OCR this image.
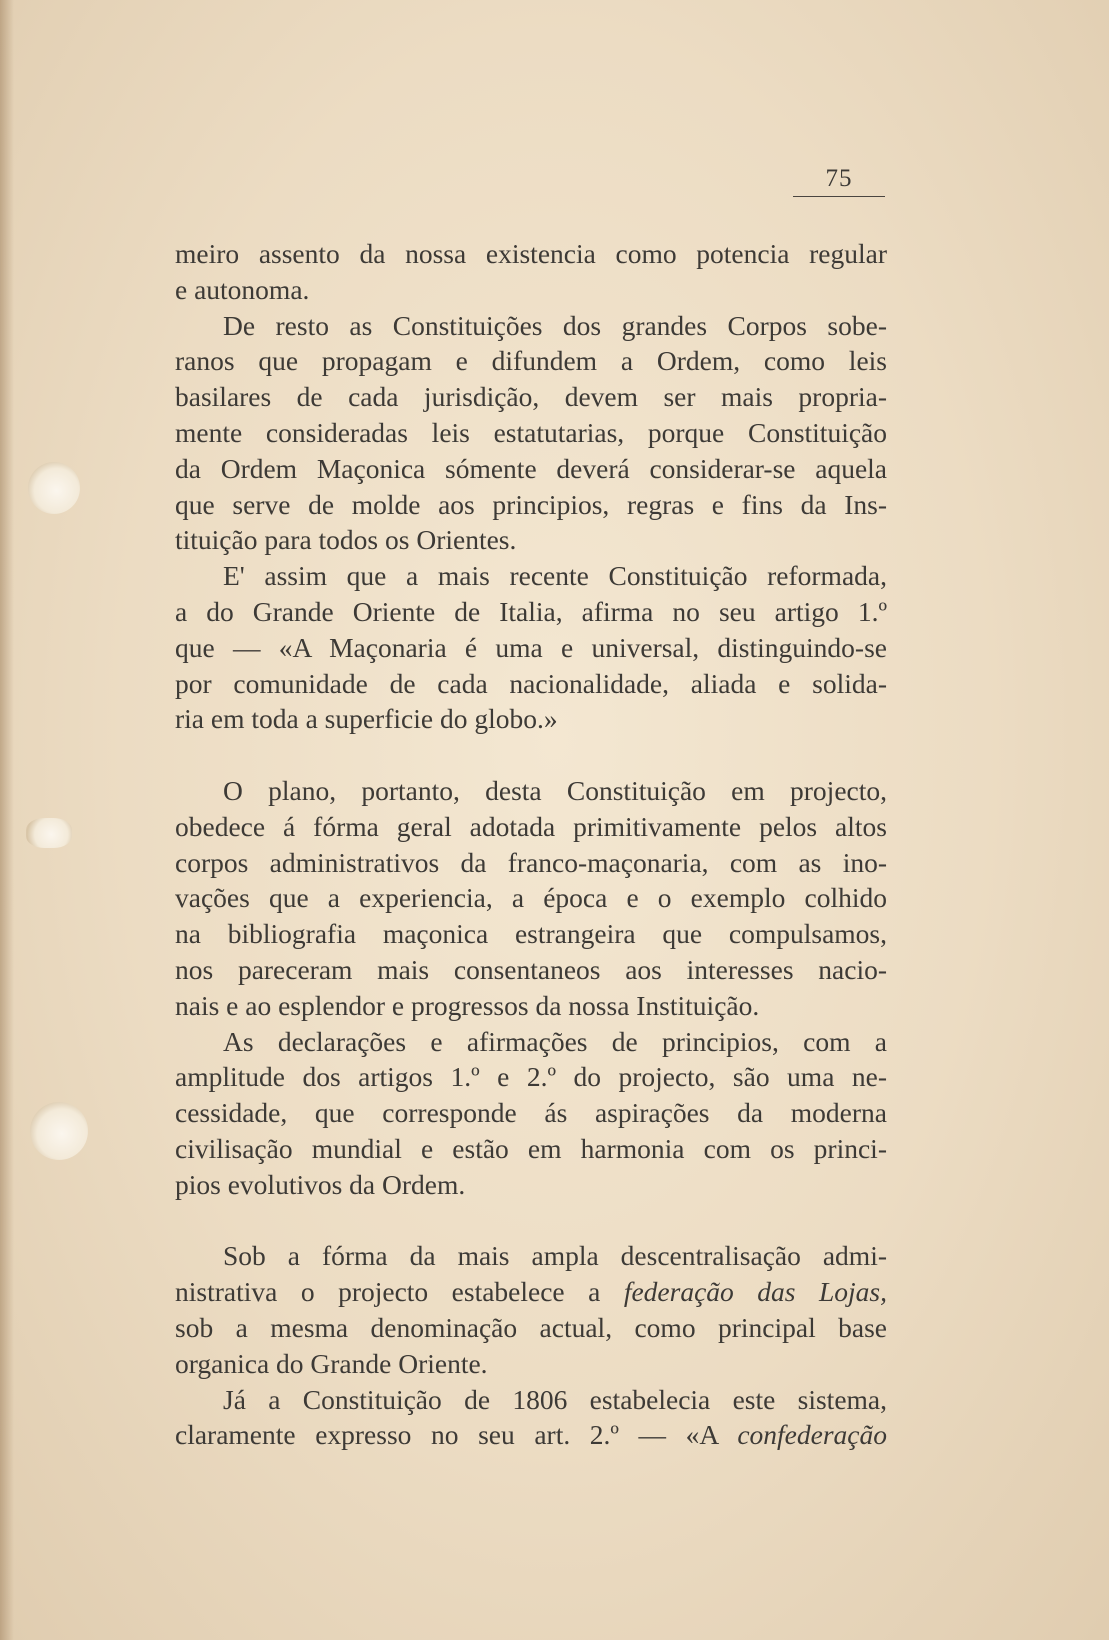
75
meiro assento da nossa existencia como potencia regular
e autonoma.
De resto as Constituições dos grandes Corpos sobe-
ranos que propagam e difundem a Ordem, como leis
basilares de cada jurisdição, devem ser mais propria-
mente consideradas leis estatutarias, porque Constituição
da Ordem Maçonica sómente deverá considerar-se aquela
que serve de molde aos principios, regras e fins da Ins-
tituição para todos os Orientes.
E' assim que a mais recente Constituição reformada,
a do Grande Oriente de Italia, afirma no seu artigo 1.º
que — «A Maçonaria é uma e universal, distinguindo-se
por comunidade de cada nacionalidade, aliada e solida-
ria em toda a superficie do globo.»
O plano, portanto, desta Constituição em projecto,
obedece á fórma geral adotada primitivamente pelos altos
corpos administrativos da franco-maçonaria, com as ino-
vações que a experiencia, a época e o exemplo colhido
na bibliografia maçonica estrangeira que compulsamos,
nos pareceram mais consentaneos aos interesses nacio-
nais e ao esplendor e progressos da nossa Instituição.
As declarações e afirmações de principios, com a
amplitude dos artigos 1.º e 2.º do projecto, são uma ne-
cessidade, que corresponde ás aspirações da moderna
civilisação mundial e estão em harmonia com os princi-
pios evolutivos da Ordem.
Sob a fórma da mais ampla descentralisação admi-
nistrativa o projecto estabelece a federação das Lojas,
sob a mesma denominação actual, como principal base
organica do Grande Oriente.
Já a Constituição de 1806 estabelecia este sistema,
claramente expresso no seu art. 2.º — «A confederação
